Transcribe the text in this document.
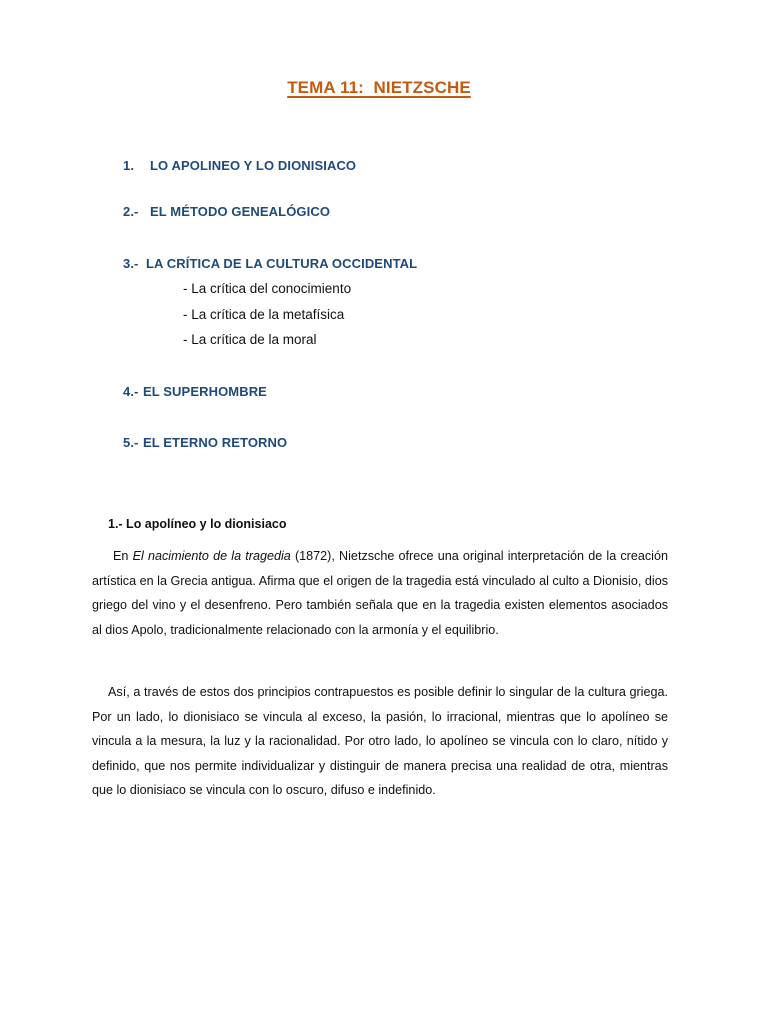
TEMA 11:  NIETZSCHE
1. LO APOLINEO Y LO DIONISIACO
2.- EL MÉTODO GENEALÓGICO
3.- LA CRÍTICA DE LA CULTURA OCCIDENTAL
- La crítica del conocimiento
- La crítica de la metafísica
- La crítica de la moral
4.- EL SUPERHOMBRE
5.- EL ETERNO RETORNO
1.- Lo apolíneo y lo dionisiaco
En El nacimiento de la tragedia (1872), Nietzsche ofrece una original interpretación de la creación artística en la Grecia antigua. Afirma que el origen de la tragedia está vinculado al culto a Dionisio, dios griego del vino y el desenfreno. Pero también señala que en la tragedia existen elementos asociados al dios Apolo, tradicionalmente relacionado con la armonía y el equilibrio.
Así, a través de estos dos principios contrapuestos es posible definir lo singular de la cultura griega. Por un lado, lo dionisiaco se vincula al exceso, la pasión, lo irracional, mientras que lo apolíneo se vincula a la mesura, la luz y la racionalidad. Por otro lado, lo apolíneo se vincula con lo claro, nítido y definido, que nos permite individualizar y distinguir de manera precisa una realidad de otra, mientras que lo dionisiaco se vincula con lo oscuro, difuso e indefinido.
